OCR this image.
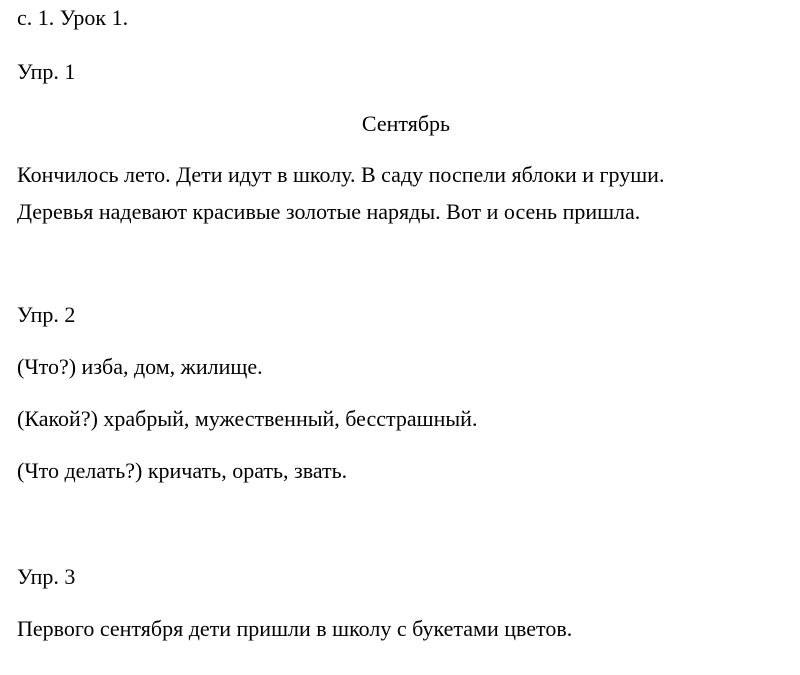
с. 1. Урок 1.
Упр. 1
Сентябрь
Кончилось лето. Дети идут в школу. В саду поспели яблоки и груши.
Деревья надевают красивые золотые наряды. Вот и осень пришла.
Упр. 2
(Что?) изба, дом, жилище.
(Какой?) храбрый, мужественный, бесстрашный.
(Что делать?) кричать, орать, звать.
Упр. 3
Первого сентября дети пришли в школу с букетами цветов.
